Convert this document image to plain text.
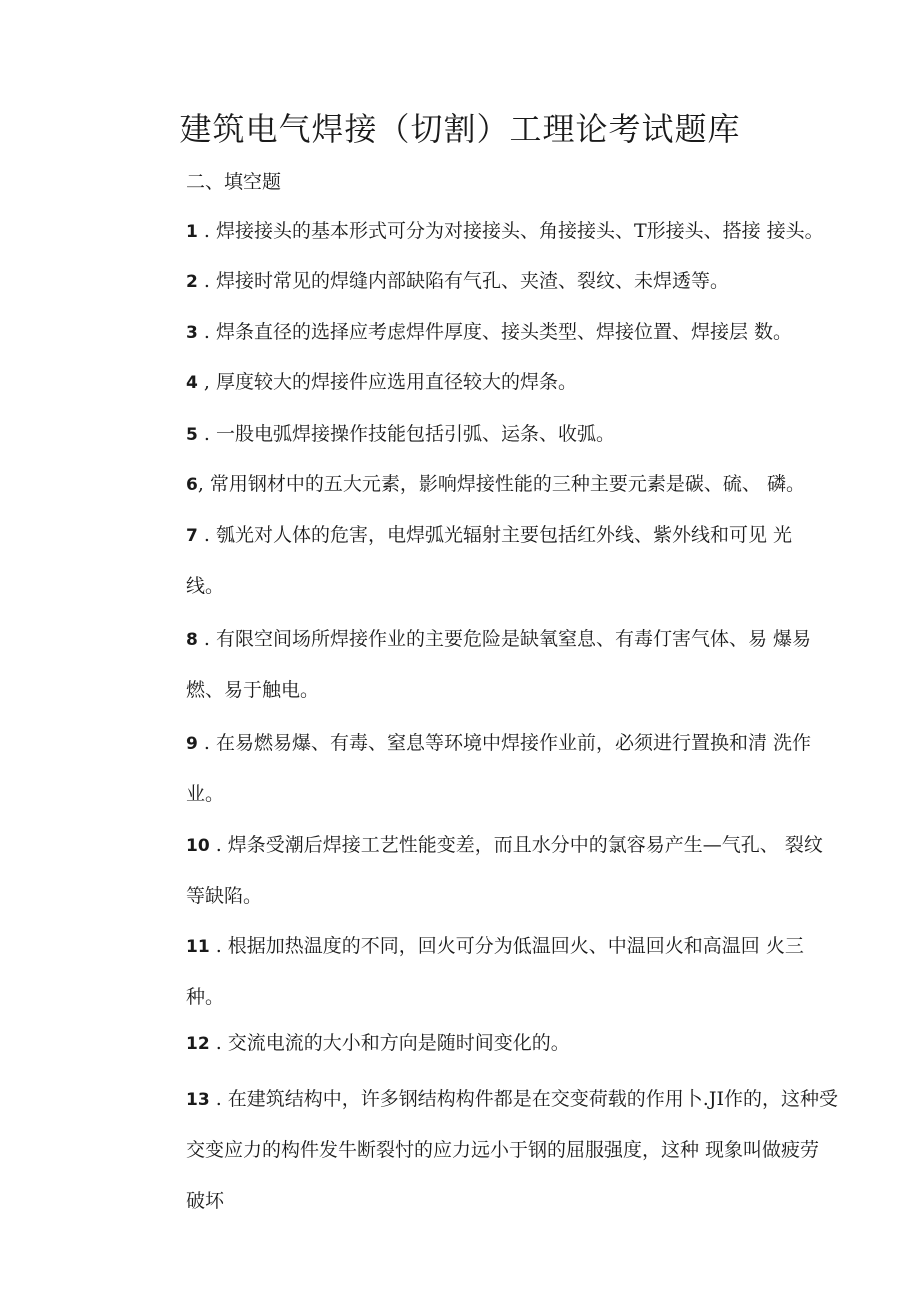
建筑电气焊接（切割）工理论考试题库

二、填空题

1 . 焊接接头的基本形式可分为对接接头、角接接头、T形接头、搭接 接头。

2 . 焊接时常见的焊缝内部缺陷有气孔、夹渣、裂纹、未焊透等。

3 . 焊条直径的选择应考虑焊件厚度、接头类型、焊接位置、焊接层 数。

4 , 厚度较大的焊接件应选用直径较大的焊条。

5 . 一股电弧焊接操作技能包括引弧、运条、收弧。

6, 常用钢材中的五大元素，影响焊接性能的三种主要元素是碳、硫、 磷。

7 . 瓠光对人体的危害，电焊弧光辐射主要包括红外线、紫外线和可见 光
线。

8 . 有限空间场所焊接作业的主要危险是缺氧窒息、有毒仃害气体、易 爆易
燃、易于触电。

9 . 在易燃易爆、有毒、窒息等环境中焊接作业前，必须进行置换和清 洗作
业。

10 . 焊条受潮后焊接工艺性能变差，而且水分中的氯容易产生—气孔、 裂纹
等缺陷。

11 . 根据加热温度的不同，回火可分为低温回火、中温回火和高温回 火三
种。

12 . 交流电流的大小和方向是随时间变化的。

13 . 在建筑结构中，许多钢结构构件都是在交变荷载的作用卜.JI作的，这种受
交变应力的构件发牛断裂忖的应力远小于钢的屈服强度，这种 现象叫做疲劳
破坏
